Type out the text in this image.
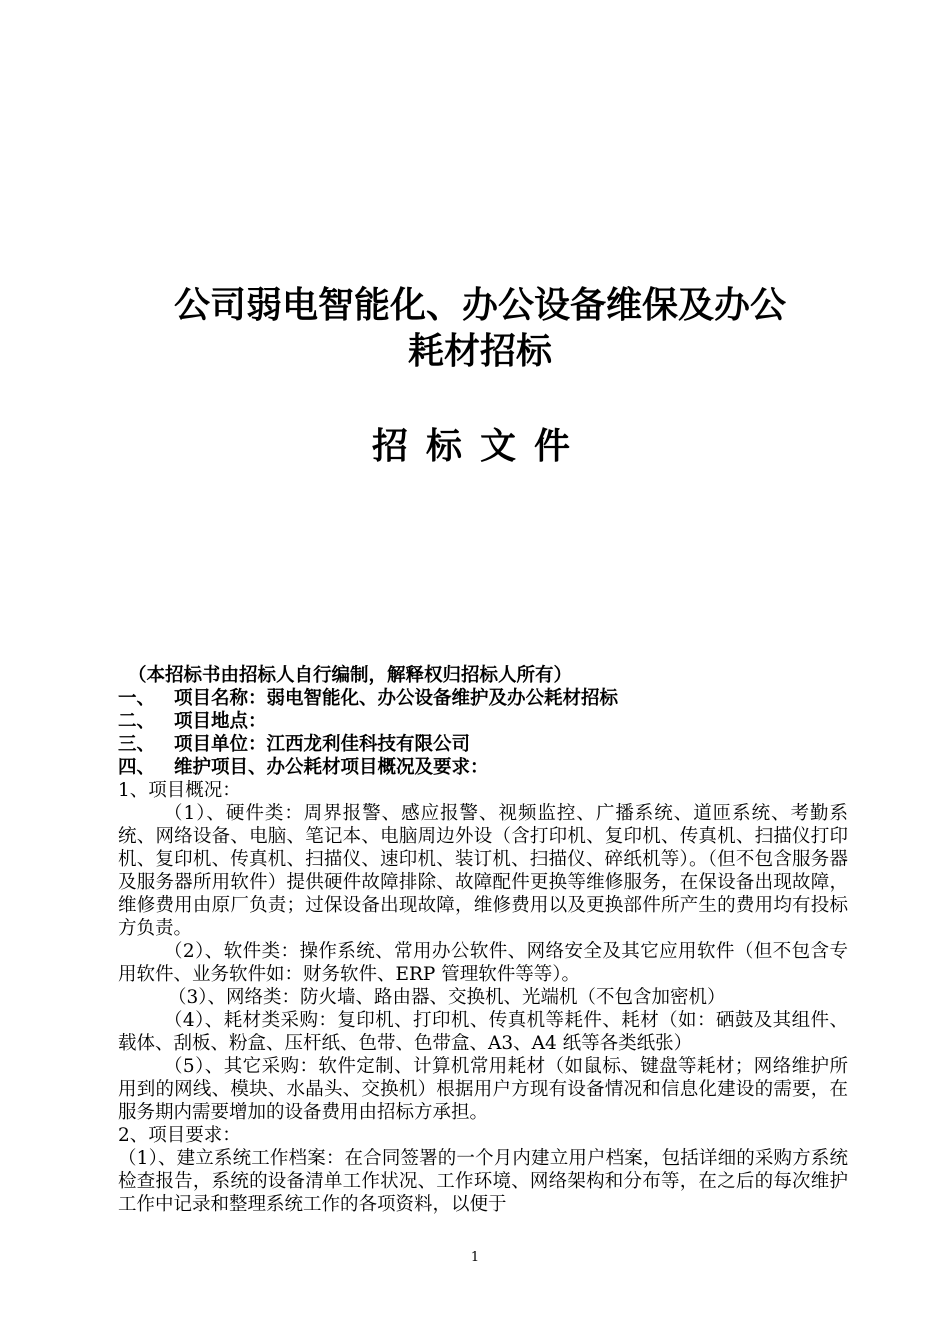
公司弱电智能化、办公设备维保及办公
耗材招标
招标文件

（本招标书由招标人自行编制，解释权归招标人所有）

一、 项目名称：弱电智能化、办公设备维护及办公耗材招标

二、 项目地点：

三、 项目单位：江西龙利佳科技有限公司

四、 维护项目、办公耗材项目概况及要求：

1、项目概况：

（1）、硬件类：周界报警、感应报警、视频监控、广播系统、道匝系统、考勤系统、网络设备、电脑、笔记本、电脑周边外设（含打印机、复印机、传真机、扫描仪打印机、复印机、传真机、扫描仪、速印机、装订机、扫描仪、碎纸机等）。（但不包含服务器及服务器所用软件）提供硬件故障排除、故障配件更换等维修服务，在保设备出现故障，维修费用由原厂负责；过保设备出现故障，维修费用以及更换部件所产生的费用均有投标方负责。

（2）、软件类：操作系统、常用办公软件、网络安全及其它应用软件（但不包含专用软件、业务软件如：财务软件、ERP 管理软件等等）。

（3）、网络类：防火墙、路由器、交换机、光端机（不包含加密机）

（4）、耗材类采购：复印机、打印机、传真机等耗件、耗材（如：硒鼓及其组件、载体、刮板、粉盒、压杆纸、色带、色带盒、A3、A4 纸等各类纸张）

（5）、其它采购：软件定制、计算机常用耗材（如鼠标、键盘等耗材；网络维护所用到的网线、模块、水晶头、交换机）根据用户方现有设备情况和信息化建设的需要，在服务期内需要增加的设备费用由招标方承担。

2、项目要求：

（1）、建立系统工作档案：在合同签署的一个月内建立用户档案，包括详细的采购方系统检查报告，系统的设备清单工作状况、工作环境、网络架构和分布等，在之后的每次维护工作中记录和整理系统工作的各项资料，以便于

1
